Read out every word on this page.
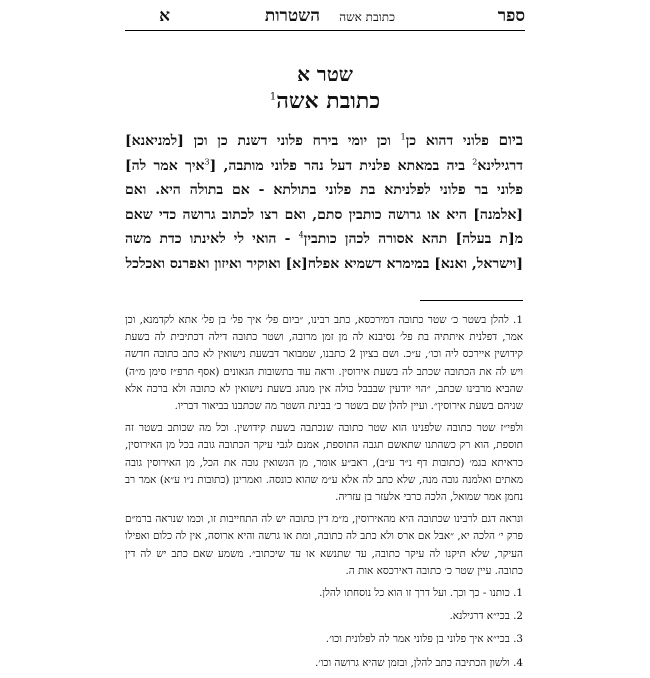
ספר
כתובת אשה
השטרות
א
שטר א
כתובת אשה$^1$
ביום פלוני דהוא כן$^1$ וכן יומי בירח פלוני דשנת כן וכן [למניאנא] דרגילינא$^2$ ביה במאתא פלנית דעל נהר פלוני מותבה, [$^3$איך אמר לה] פלוני בר פלוני לפלניתא בת פלוני בתולתא - אם בתולה היא. ואם [אלמנה] היא או גרושה כותבין סתם, ואם רצו לכתוב גרושה כדי שאם מ[ת בעלה] תהא אסורה לכהן כותבין$^4$ - הואי לי לאינתו כדת משה [וישראל, ואנא] במימרא דשמיא אפלח[א] ואוקיר ואיזון ואפרנס ואכלכל
1. להלן בשטר כ׳ שטר כתובה דמירכסא, כתב רבינו, ״ביום פל׳ איך פל׳ בן פל׳ אתא לקדמנא, וכן אמר, דפלנית איתתיה בת פל׳ נסיבנא לה מן זמן מרובה, ושטר כתובה דילה דכתיבית לה בשעת קידושין איירכס ליה וכו׳, ע״כ. ושם בציון 2 כתבנו, שמבואר דבשעת נישואין לא כתב כתובה חדשה ויש לה את הכתובה שכתב לה בשעת אירוסין. וראה עוד בתשובות הגאונים (אסף תרפ״ז סימן מ״ה) שהביא מרבינו שכתב, ״הוי יודעין שבבבל כולה אין מנהג בשעת נישואין לא כתובה ולא ברכה אלא שניהם בשעת אירוסין״. ועיין להלן שם בשטר כ׳ בבינת השטר מה שכתבנו בביאור דבריו.
ולפי״ז שטר כתובה שלפנינו הוא שטר כתובה שנכתבה בשעת קידושין. וכל מה שכותב בשטר זה תוספת, הוא רק כשהתנו שתאשם תגבה התוספת, אמנם לגבי עיקר הכתובה גובה בכל מן האירוסין, כראיתא בגמ׳ (כתובות דף נ״ד ע״ב), ראב״ע אומר, מן הנשואין גובה את הכל, מן האירוסין גובה מאתים ואלמנה גובה מנה, שלא כתב לה אלא ע״מ שהוא כונסה. ואמרינן (כתובות נ״ו ע״א) אמר רב נחמן אמר שמואל, הלכה כרבי אלעזר בן עזריה.
ונראה דגם לרבינו שכתובה היא מהאירוסין, מ״מ דין כתובה יש לה התחייבות זו, וכמו שנראה ברמ״ם פרק י׳ הלכה יא, ״אבל אם ארס ולא כתב לה כתובה, ומת או גרשה והיא ארוסה, אין לה כלום ואפילו העיקר, שלא תיקנו לה עיקר כתובה, עד שתנשא או עד שיכתוב״. משמע שאם כתב יש לה דין כתובה. עיין שטר כ׳ כתובה דאירכסא אות ה.
1. כותנו - כך וכך. ועל דרך זו הוא כל נוסחתו להלן.
2. בכי״א דרגילנא.
3. בכי״א איך פלוני בן פלוני אמר לה לפלונית וכו׳.
4. ולשון הכתיבה כתב להלן, ובזמן שהיא גרושה וכו׳.
